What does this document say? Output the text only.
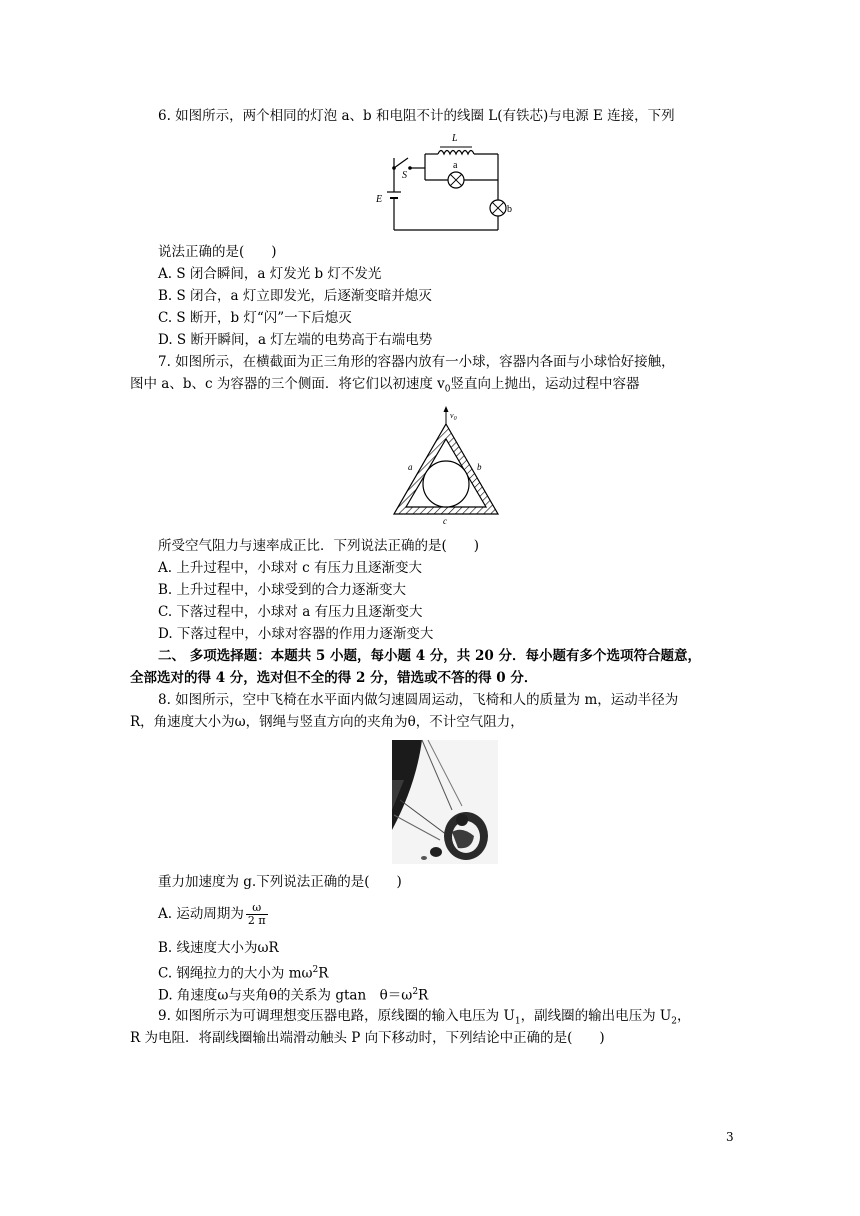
6. 如图所示，两个相同的灯泡 a、b 和电阻不计的线圈 L(有铁芯)与电源 E 连接，下列
L
a
S
E
b
说法正确的是(　　)
A. S 闭合瞬间，a 灯发光 b 灯不发光
B. S 闭合，a 灯立即发光，后逐渐变暗并熄灭
C. S 断开，b 灯“闪”一下后熄灭
D. S 断开瞬间，a 灯左端的电势高于右端电势
7. 如图所示，在横截面为正三角形的容器内放有一小球，容器内各面与小球恰好接触，
图中 a、b、c 为容器的三个侧面．将它们以初速度 $v_0$竖直向上抛出，运动过程中容器
$v_0$
a	b
c
所受空气阻力与速率成正比．下列说法正确的是(　　)
A. 上升过程中，小球对 c 有压力且逐渐变大
B. 上升过程中，小球受到的合力逐渐变大
C. 下落过程中，小球对 a 有压力且逐渐变大
D. 下落过程中，小球对容器的作用力逐渐变大
二、 多项选择题：本题共 5 小题，每小题 4 分，共 20 分．每小题有多个选项符合题意，
全部选对的得 4 分，选对但不全的得 2 分，错选或不答的得 0 分．
8. 如图所示，空中飞椅在水平面内做匀速圆周运动，飞椅和人的质量为 m，运动半径为
R，角速度大小为ω，钢绳与竖直方向的夹角为θ，不计空气阻力，
重力加速度为 g.下列说法正确的是(　　)
A. 运动周期为 $\frac{\omega}{2 \pi}$
B. 线速度大小为ωR
C. 钢绳拉力的大小为 $m\omega^2R$
D. 角速度ω与夹角θ的关系为 gtan　$\theta=\omega^2R$
9. 如图所示为可调理想变压器电路，原线圈的输入电压为 $U_1$，副线圈的输出电压为 $U_2$，
R 为电阻．将副线圈输出端滑动触头 P 向下移动时，下列结论中正确的是(　　)
3
